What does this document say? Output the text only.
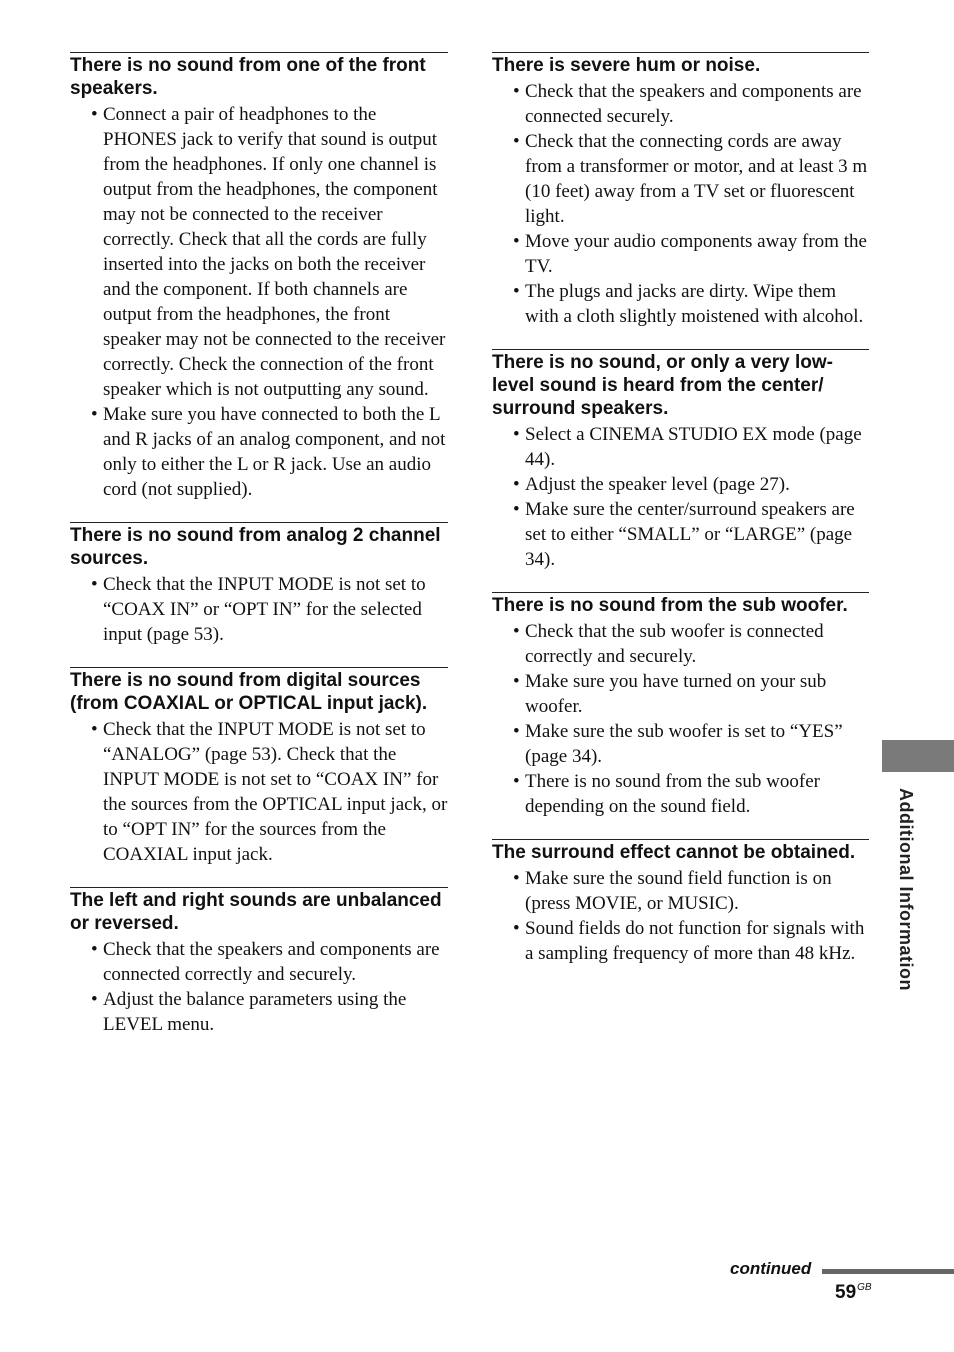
There is no sound from one of the front speakers.
• Connect a pair of headphones to the PHONES jack to verify that sound is output from the headphones. If only one channel is output from the headphones, the component may not be connected to the receiver correctly. Check that all the cords are fully inserted into the jacks on both the receiver and the component. If both channels are output from the headphones, the front speaker may not be connected to the receiver correctly. Check the connection of the front speaker which is not outputting any sound.
• Make sure you have connected to both the L and R jacks of an analog component, and not only to either the L or R jack. Use an audio cord (not supplied).
There is no sound from analog 2 channel sources.
• Check that the INPUT MODE is not set to “COAX IN” or “OPT IN” for the selected input (page 53).
There is no sound from digital sources (from COAXIAL or OPTICAL input jack).
• Check that the INPUT MODE is not set to “ANALOG” (page 53). Check that the INPUT MODE is not set to “COAX IN” for the sources from the OPTICAL input jack, or to “OPT IN” for the sources from the COAXIAL input jack.
The left and right sounds are unbalanced or reversed.
• Check that the speakers and components are connected correctly and securely.
• Adjust the balance parameters using the LEVEL menu.
There is severe hum or noise.
• Check that the speakers and components are connected securely.
• Check that the connecting cords are away from a transformer or motor, and at least 3 m (10 feet) away from a TV set or fluorescent light.
• Move your audio components away from the TV.
• The plugs and jacks are dirty. Wipe them with a cloth slightly moistened with alcohol.
There is no sound, or only a very low-level sound is heard from the center/ surround speakers.
• Select a CINEMA STUDIO EX mode (page 44).
• Adjust the speaker level (page 27).
• Make sure the center/surround speakers are set to either “SMALL” or “LARGE” (page 34).
There is no sound from the sub woofer.
• Check that the sub woofer is connected correctly and securely.
• Make sure you have turned on your sub woofer.
• Make sure the sub woofer is set to “YES” (page 34).
• There is no sound from the sub woofer depending on the sound field.
The surround effect cannot be obtained.
• Make sure the sound field function is on (press MOVIE, or MUSIC).
• Sound fields do not function for signals with a sampling frequency of more than 48 kHz.	Additional Information
continued
$59^{GB}$
